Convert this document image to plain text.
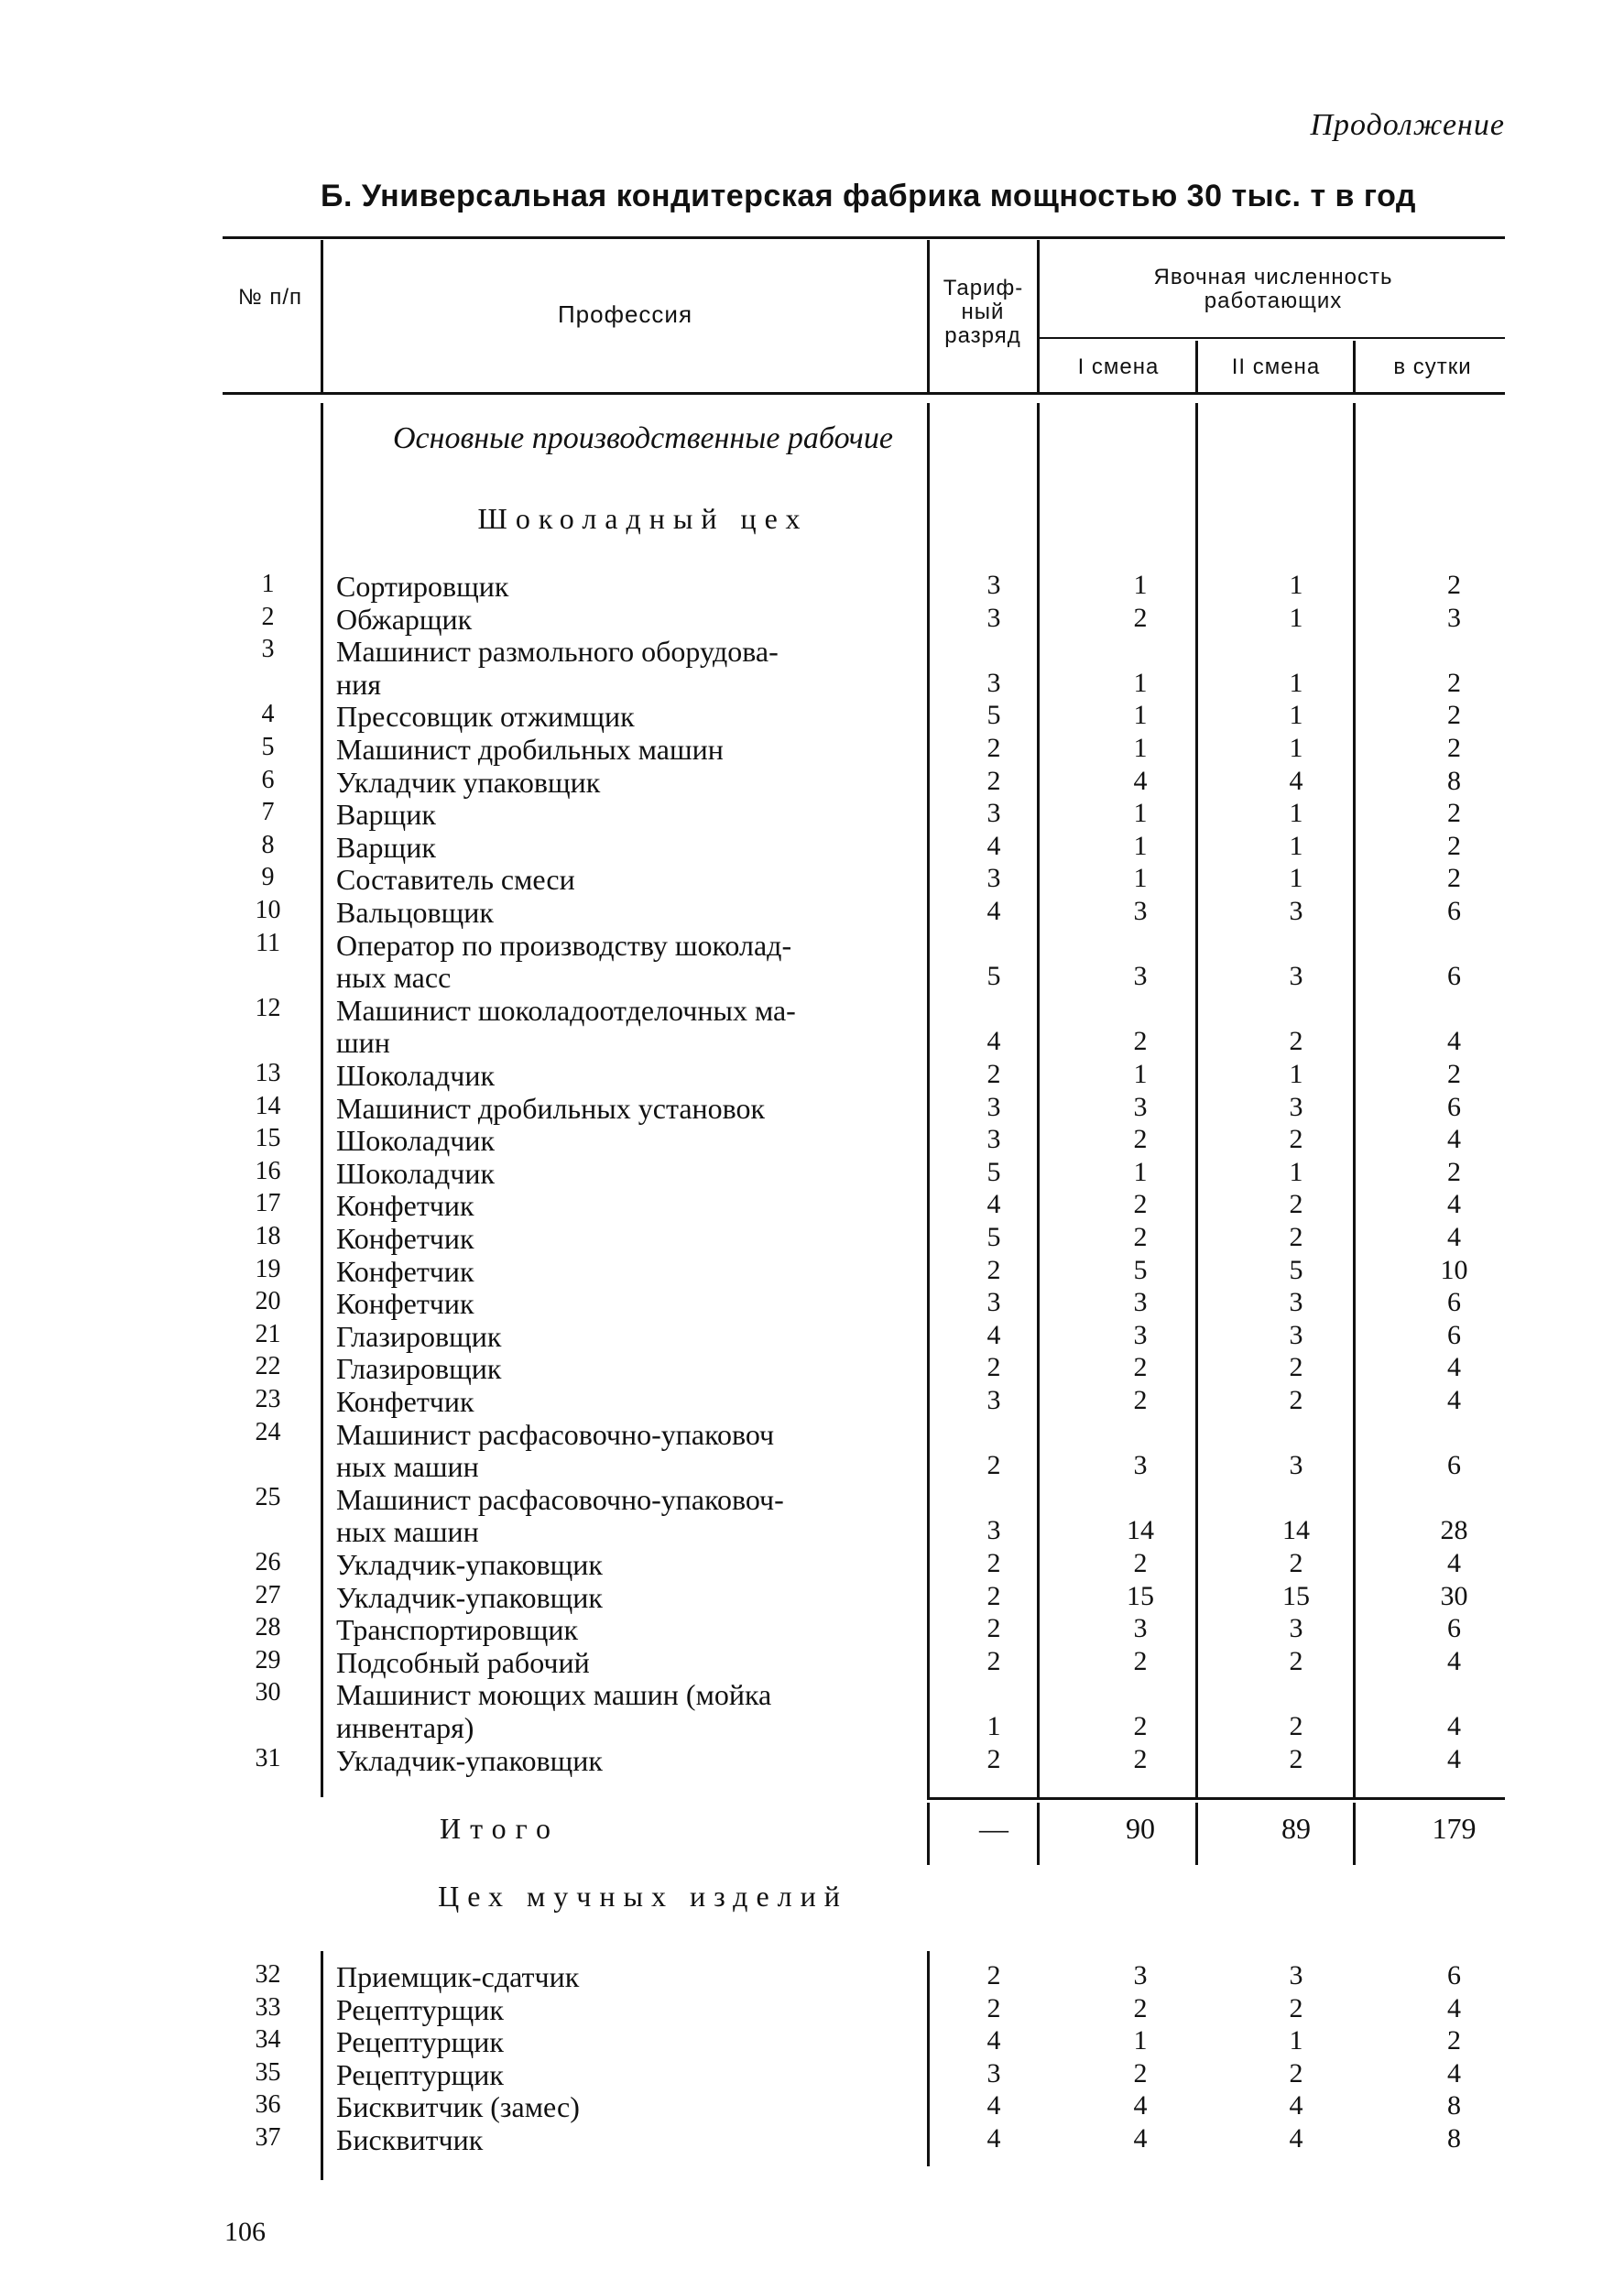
Продолжение
Б. Универсальная кондитерская фабрика мощностью 30 тыс. т в год
№ п/п
Профессия
Тарифный разряд
Явочная численность работающих
I смена	II смена	в сутки
Основные производственные рабочие
Шоколадный цех
1	Сортировщик	3	1	1	2
2	Обжарщик	3	2	1	3
3	Машинист размольного оборудова-
ния	3	1	1	2
4	Прессовщик отжимщик	5	1	1	2
5	Машинист дробильных машин	2	1	1	2
6	Укладчик упаковщик	2	4	4	8
7	Варщик	3	1	1	2
8	Варщик	4	1	1	2
9	Составитель смеси	3	1	1	2
10 Вальцовщик	4	3	3	6
11 Оператор по производству шоколад-
ных масс	5	3	3	6
12 Машинист шоколадоотделочных ма-
шин	4	2	2	4
13 Шоколадчик	2	1	1	2
14 Машинист дробильных установок	3	3	3	6
15 Шоколадчик	3	2	2	4
16 Шоколадчик	5	1	1	2
17 Конфетчик	4	2	2	4
18 Конфетчик	5	2	2	4
19 Конфетчик	2	5	5	10
20 Конфетчик	3	3	3	6
21 Глазировщик	4	3	3	6
22 Глазировщик	2	2	2	4
23 Конфетчик	3	2	2	4
24 Машинист расфасовочно-упаковоч
ных машин	2	3	3	6
25 Машинист расфасовочно-упаковоч-
ных машин	3	14	14	28
26 Укладчик-упаковщик	2	2	2	4
27 Укладчик-упаковщик	2	15	15	30
28 Транспортировщик	2	3	3	6
29 Подсобный рабочий	2	2	2	4
30 Машинист моющих машин (мойка
инвентаря)	1	2	2	4
31 Укладчик-упаковщик	2	2	2	4
Итого	—	90	89	179
Цех мучных изделий
32 Приемщик-сдатчик	2	3	3	6
33 Рецептурщик	2	2	2	4
34 Рецептурщик	4	1	1	2
35 Рецептурщик	3	2	2	4
36 Бисквитчик (замес)	4	4	4	8
37 Бисквитчик	4	4	4	8
106
